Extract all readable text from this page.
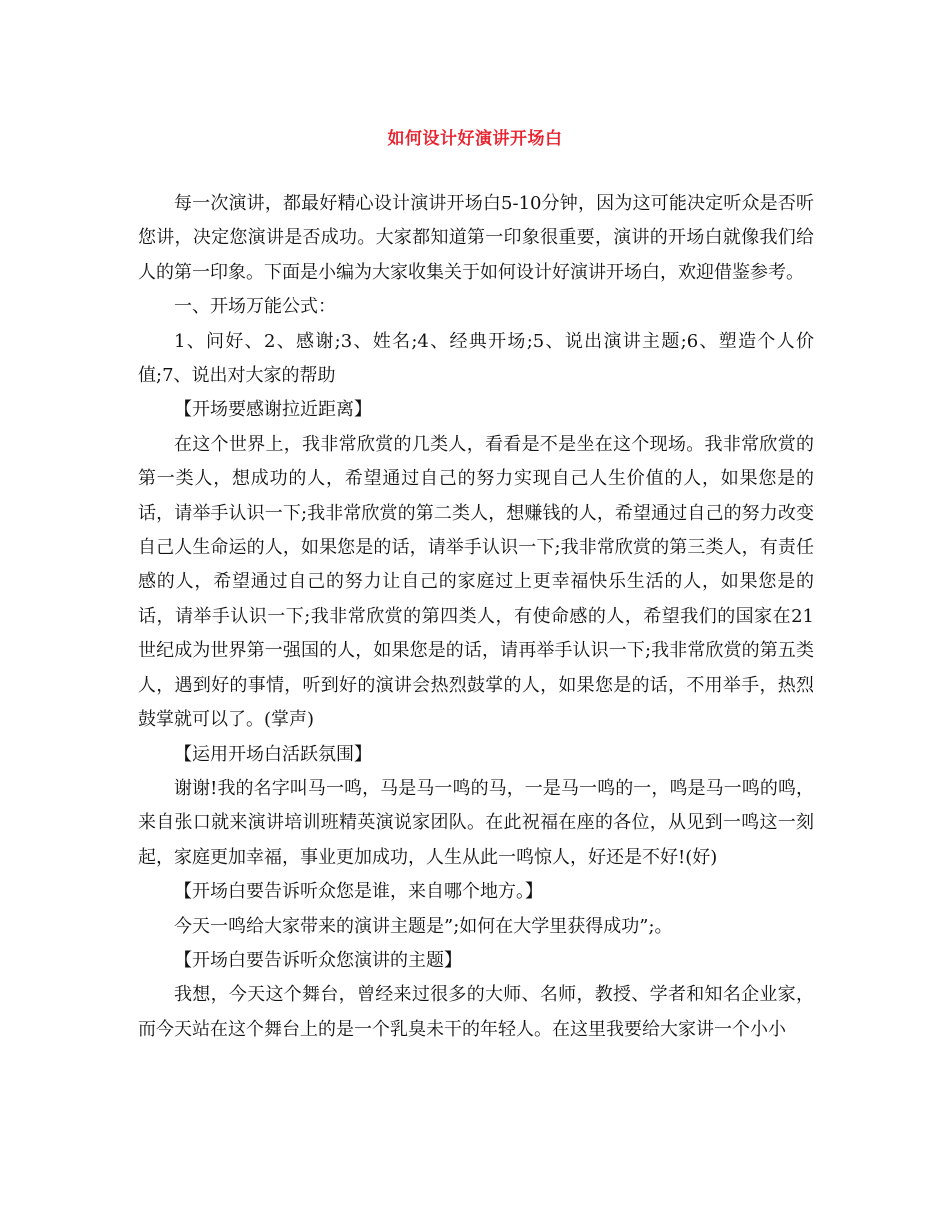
如何设计好演讲开场白

每一次演讲，都最好精心设计演讲开场白5-10分钟，因为这可能决定听众是否听您讲，决定您演讲是否成功。大家都知道第一印象很重要，演讲的开场白就像我们给人的第一印象。下面是小编为大家收集关于如何设计好演讲开场白，欢迎借鉴参考。

一、开场万能公式：

1、问好、2、感谢;3、姓名;4、经典开场;5、说出演讲主题;6、塑造个人价值;7、说出对大家的帮助

【开场要感谢拉近距离】

在这个世界上，我非常欣赏的几类人，看看是不是坐在这个现场。我非常欣赏的第一类人，想成功的人，希望通过自己的努力实现自己人生价值的人，如果您是的话，请举手认识一下;我非常欣赏的第二类人，想赚钱的人，希望通过自己的努力改变自己人生命运的人，如果您是的话，请举手认识一下;我非常欣赏的第三类人，有责任感的人，希望通过自己的努力让自己的家庭过上更幸福快乐生活的人，如果您是的话，请举手认识一下;我非常欣赏的第四类人，有使命感的人，希望我们的国家在21世纪成为世界第一强国的人，如果您是的话，请再举手认识一下;我非常欣赏的第五类人，遇到好的事情，听到好的演讲会热烈鼓掌的人，如果您是的话，不用举手，热烈鼓掌就可以了。(掌声)

【运用开场白活跃氛围】

谢谢!我的名字叫马一鸣，马是马一鸣的马，一是马一鸣的一，鸣是马一鸣的鸣，来自张口就来演讲培训班精英演说家团队。在此祝福在座的各位，从见到一鸣这一刻起，家庭更加幸福，事业更加成功，人生从此一鸣惊人，好还是不好!(好)

【开场白要告诉听众您是谁，来自哪个地方。】

今天一鸣给大家带来的演讲主题是”;如何在大学里获得成功”;。

【开场白要告诉听众您演讲的主题】

我想，今天这个舞台，曾经来过很多的大师、名师，教授、学者和知名企业家，而今天站在这个舞台上的是一个乳臭未干的年轻人。在这里我要给大家讲一个小小
